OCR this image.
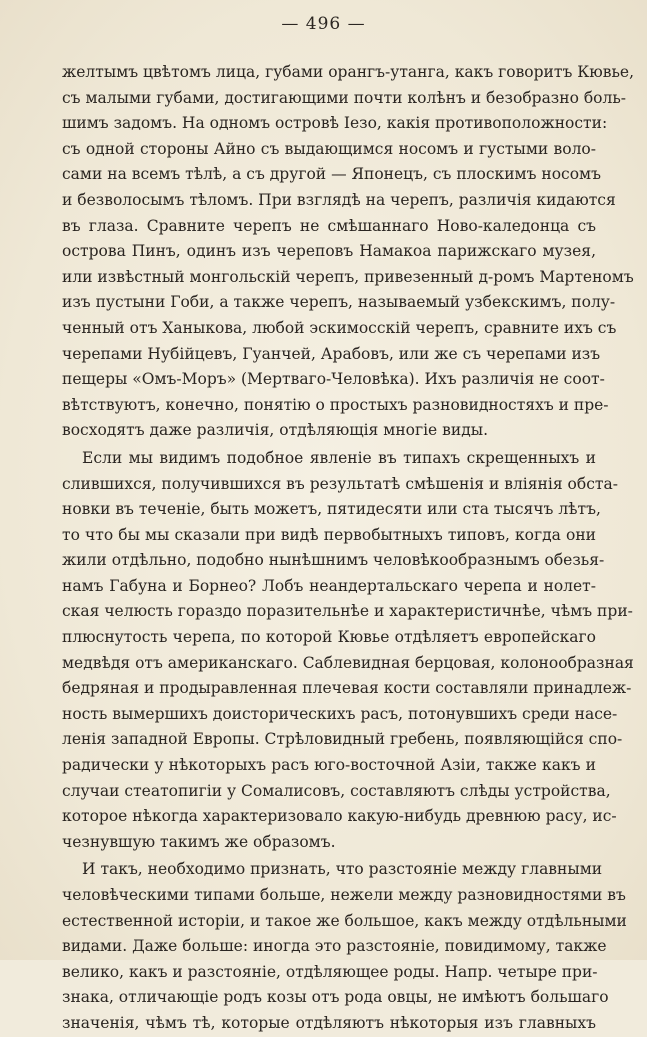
— 496 —

желтымъ цвѣтомъ лица, губами орангъ-утанга, какъ говоритъ Кювье,
съ малыми губами, достигающими почти колѣнъ и безобразно боль-
шимъ задомъ. На одномъ островѣ Іезо, какія противоположности:
съ одной стороны Айно съ выдающимся носомъ и густыми воло-
сами на всемъ тѣлѣ, а съ другой — Японецъ, съ плоскимъ носомъ
и безволосымъ тѣломъ. При взглядѣ на черепъ, различія кидаются
въ глаза. Сравните черепъ не смѣшаннаго Ново-каледонца съ
острова Пинъ, одинъ изъ череповъ Намакоа парижскаго музея,
или извѣстный монгольскій черепъ, привезенный д-ромъ Мартеномъ
изъ пустыни Гоби, а также черепъ, называемый узбекскимъ, полу-
ченный отъ Ханыкова, любой эскимосскій черепъ, сравните ихъ съ
черепами Нубійцевъ, Гуанчей, Арабовъ, или же съ черепами изъ
пещеры «Омъ-Моръ» (Мертваго-Человѣка). Ихъ различія не соот-
вѣтствуютъ, конечно, понятію о простыхъ разновидностяхъ и пре-
восходятъ даже различія, отдѣляющія многіе виды.

Если мы видимъ подобное явленіе въ типахъ скрещенныхъ и
слившихся, получившихся въ результатѣ смѣшенія и вліянія обста-
новки въ теченіе, быть можетъ, пятидесяти или ста тысячъ лѣтъ,
то что бы мы сказали при видѣ первобытныхъ типовъ, когда они
жили отдѣльно, подобно нынѣшнимъ человѣкообразнымъ обезья-
намъ Габуна и Борнео? Лобъ неандертальскаго черепа и нолет-
ская челюсть гораздо поразительнѣе и характеристичнѣе, чѣмъ при-
плюснутость черепа, по которой Кювье отдѣляетъ европейскаго
медвѣдя отъ американскаго. Саблевидная берцовая, колонообразная
бедряная и продыравленная плечевая кости составляли принадлеж-
ность вымершихъ доисторическихъ расъ, потонувшихъ среди насе-
ленія западной Европы. Стрѣловидный гребень, появляющійся спо-
радически у нѣкоторыхъ расъ юго-восточной Азіи, также какъ и
случаи стеатопигіи у Сомалисовъ, составляютъ слѣды устройства,
которое нѣкогда характеризовало какую-нибудь древнюю расу, ис-
чезнувшую такимъ же образомъ.

И такъ, необходимо признать, что разстояніе между главными
человѣческими типами больше, нежели между разновидностями въ
естественной исторіи, и такое же большое, какъ между отдѣльными
видами. Даже больше: иногда это разстояніе, повидимому, также
велико, какъ и разстояніе, отдѣляющее роды. Напр. четыре при-
знака, отличающіе родъ козы отъ рода овцы, не имѣютъ большаго
значенія, чѣмъ тѣ, которые отдѣляютъ нѣкоторыя изъ главныхъ
